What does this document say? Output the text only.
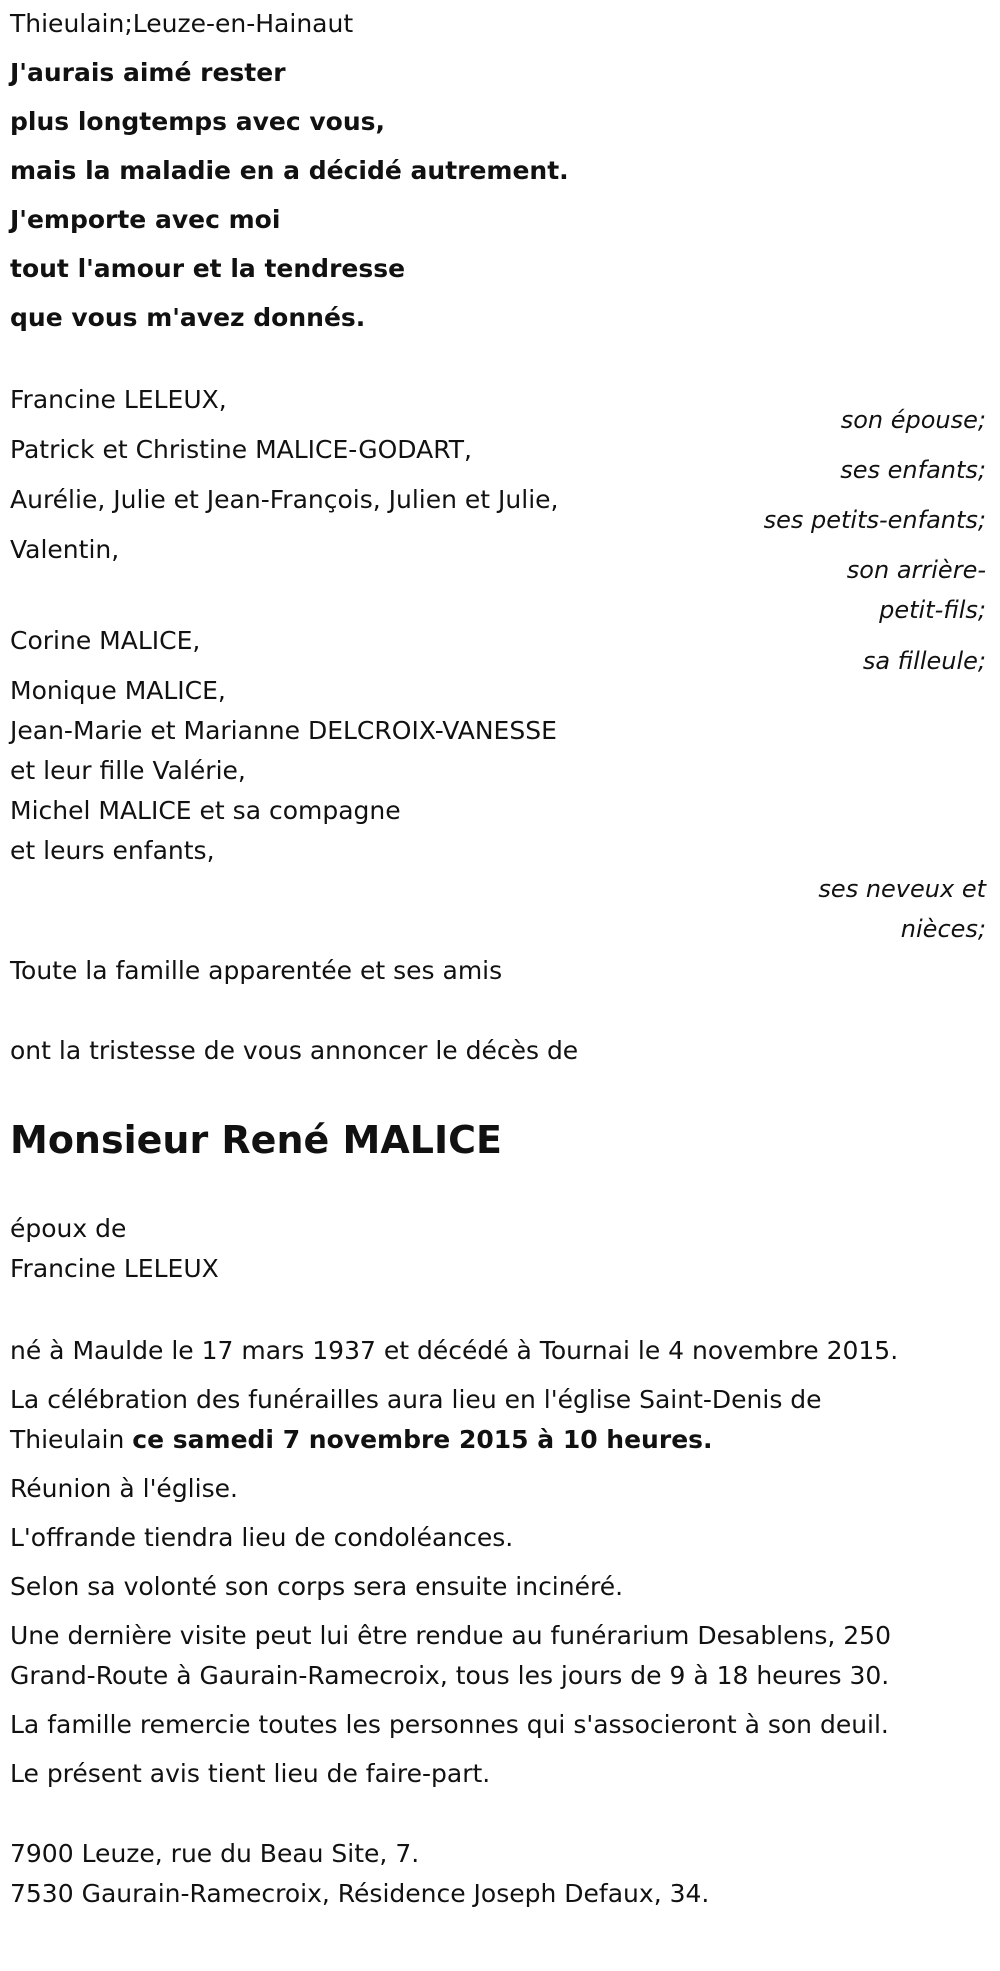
Thieulain;Leuze-en-Hainaut
J'aurais aimé rester
plus longtemps avec vous,
mais la maladie en a décidé autrement.
J'emporte avec moi
tout l'amour et la tendresse
que vous m'avez donnés.
Francine LELEUX,
son épouse;
Patrick et Christine MALICE-GODART,
ses enfants;
Aurélie, Julie et Jean-François, Julien et Julie,
ses petits-enfants;
Valentin,
son arrière-
petit-fils;
Corine MALICE,
sa filleule;
Monique MALICE,
Jean-Marie et Marianne DELCROIX-VANESSE
et leur fille Valérie,
Michel MALICE et sa compagne
et leurs enfants,
ses neveux et
nièces;
Toute la famille apparentée et ses amis
ont la tristesse de vous annoncer le décès de
Monsieur René MALICE
époux de
Francine LELEUX

né à Maulde le 17 mars 1937 et décédé à Tournai le 4 novembre 2015.

La célébration des funérailles aura lieu en l'église Saint-Denis de

Thieulain ce samedi 7 novembre 2015 à 10 heures.

Réunion à l'église.

L'offrande tiendra lieu de condoléances.

Selon sa volonté son corps sera ensuite incinéré.

Une dernière visite peut lui être rendue au funérarium Desablens, 250

Grand-Route à Gaurain-Ramecroix, tous les jours de 9 à 18 heures 30.

La famille remercie toutes les personnes qui s'associeront à son deuil.

Le présent avis tient lieu de faire-part.

7900 Leuze, rue du Beau Site, 7.

7530 Gaurain-Ramecroix, Résidence Joseph Defaux, 34.
